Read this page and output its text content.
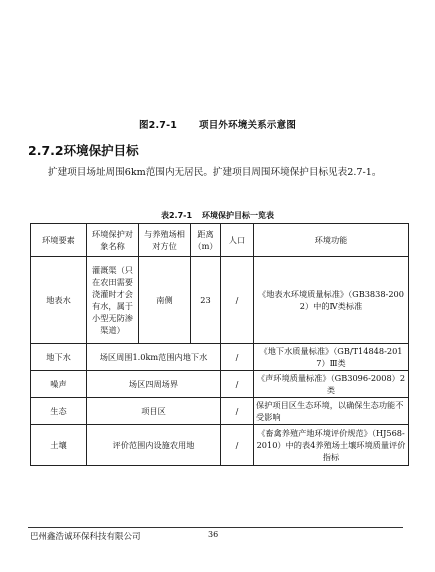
图2.7-1 项目外环境关系示意图
2.7.2环境保护目标
扩建项目场址周围6km范围内无居民。扩建项目周围环境保护目标见表2.7-1。
表2.7-1 环境保护目标一览表
环境要素	环境保护对象名称	与养殖场相对方位	距离（m）	人口	环境功能
地表水	灌溉渠（只在农田需要浇灌时才会有水，属于小型无防渗渠道）	南侧	23	/	《地表水环境质量标准》（GB3838-2002）中的Ⅳ类标准
地下水	场区周围1.0km范围内地下水			/	《地下水质量标准》（GB/T14848-2017）Ⅲ类
噪声	场区四周场界			/	《声环境质量标准》（GB3096-2008）2类
生态	项目区			/	保护项目区生态环境，以确保生态功能不受影响
土壤	评价范围内设施农用地			/	《畜禽养殖产地环境评价规范》（HJ568-2010）中的表4养殖场土壤环境质量评价指标
巴州鑫浩诚环保科技有限公司	36
